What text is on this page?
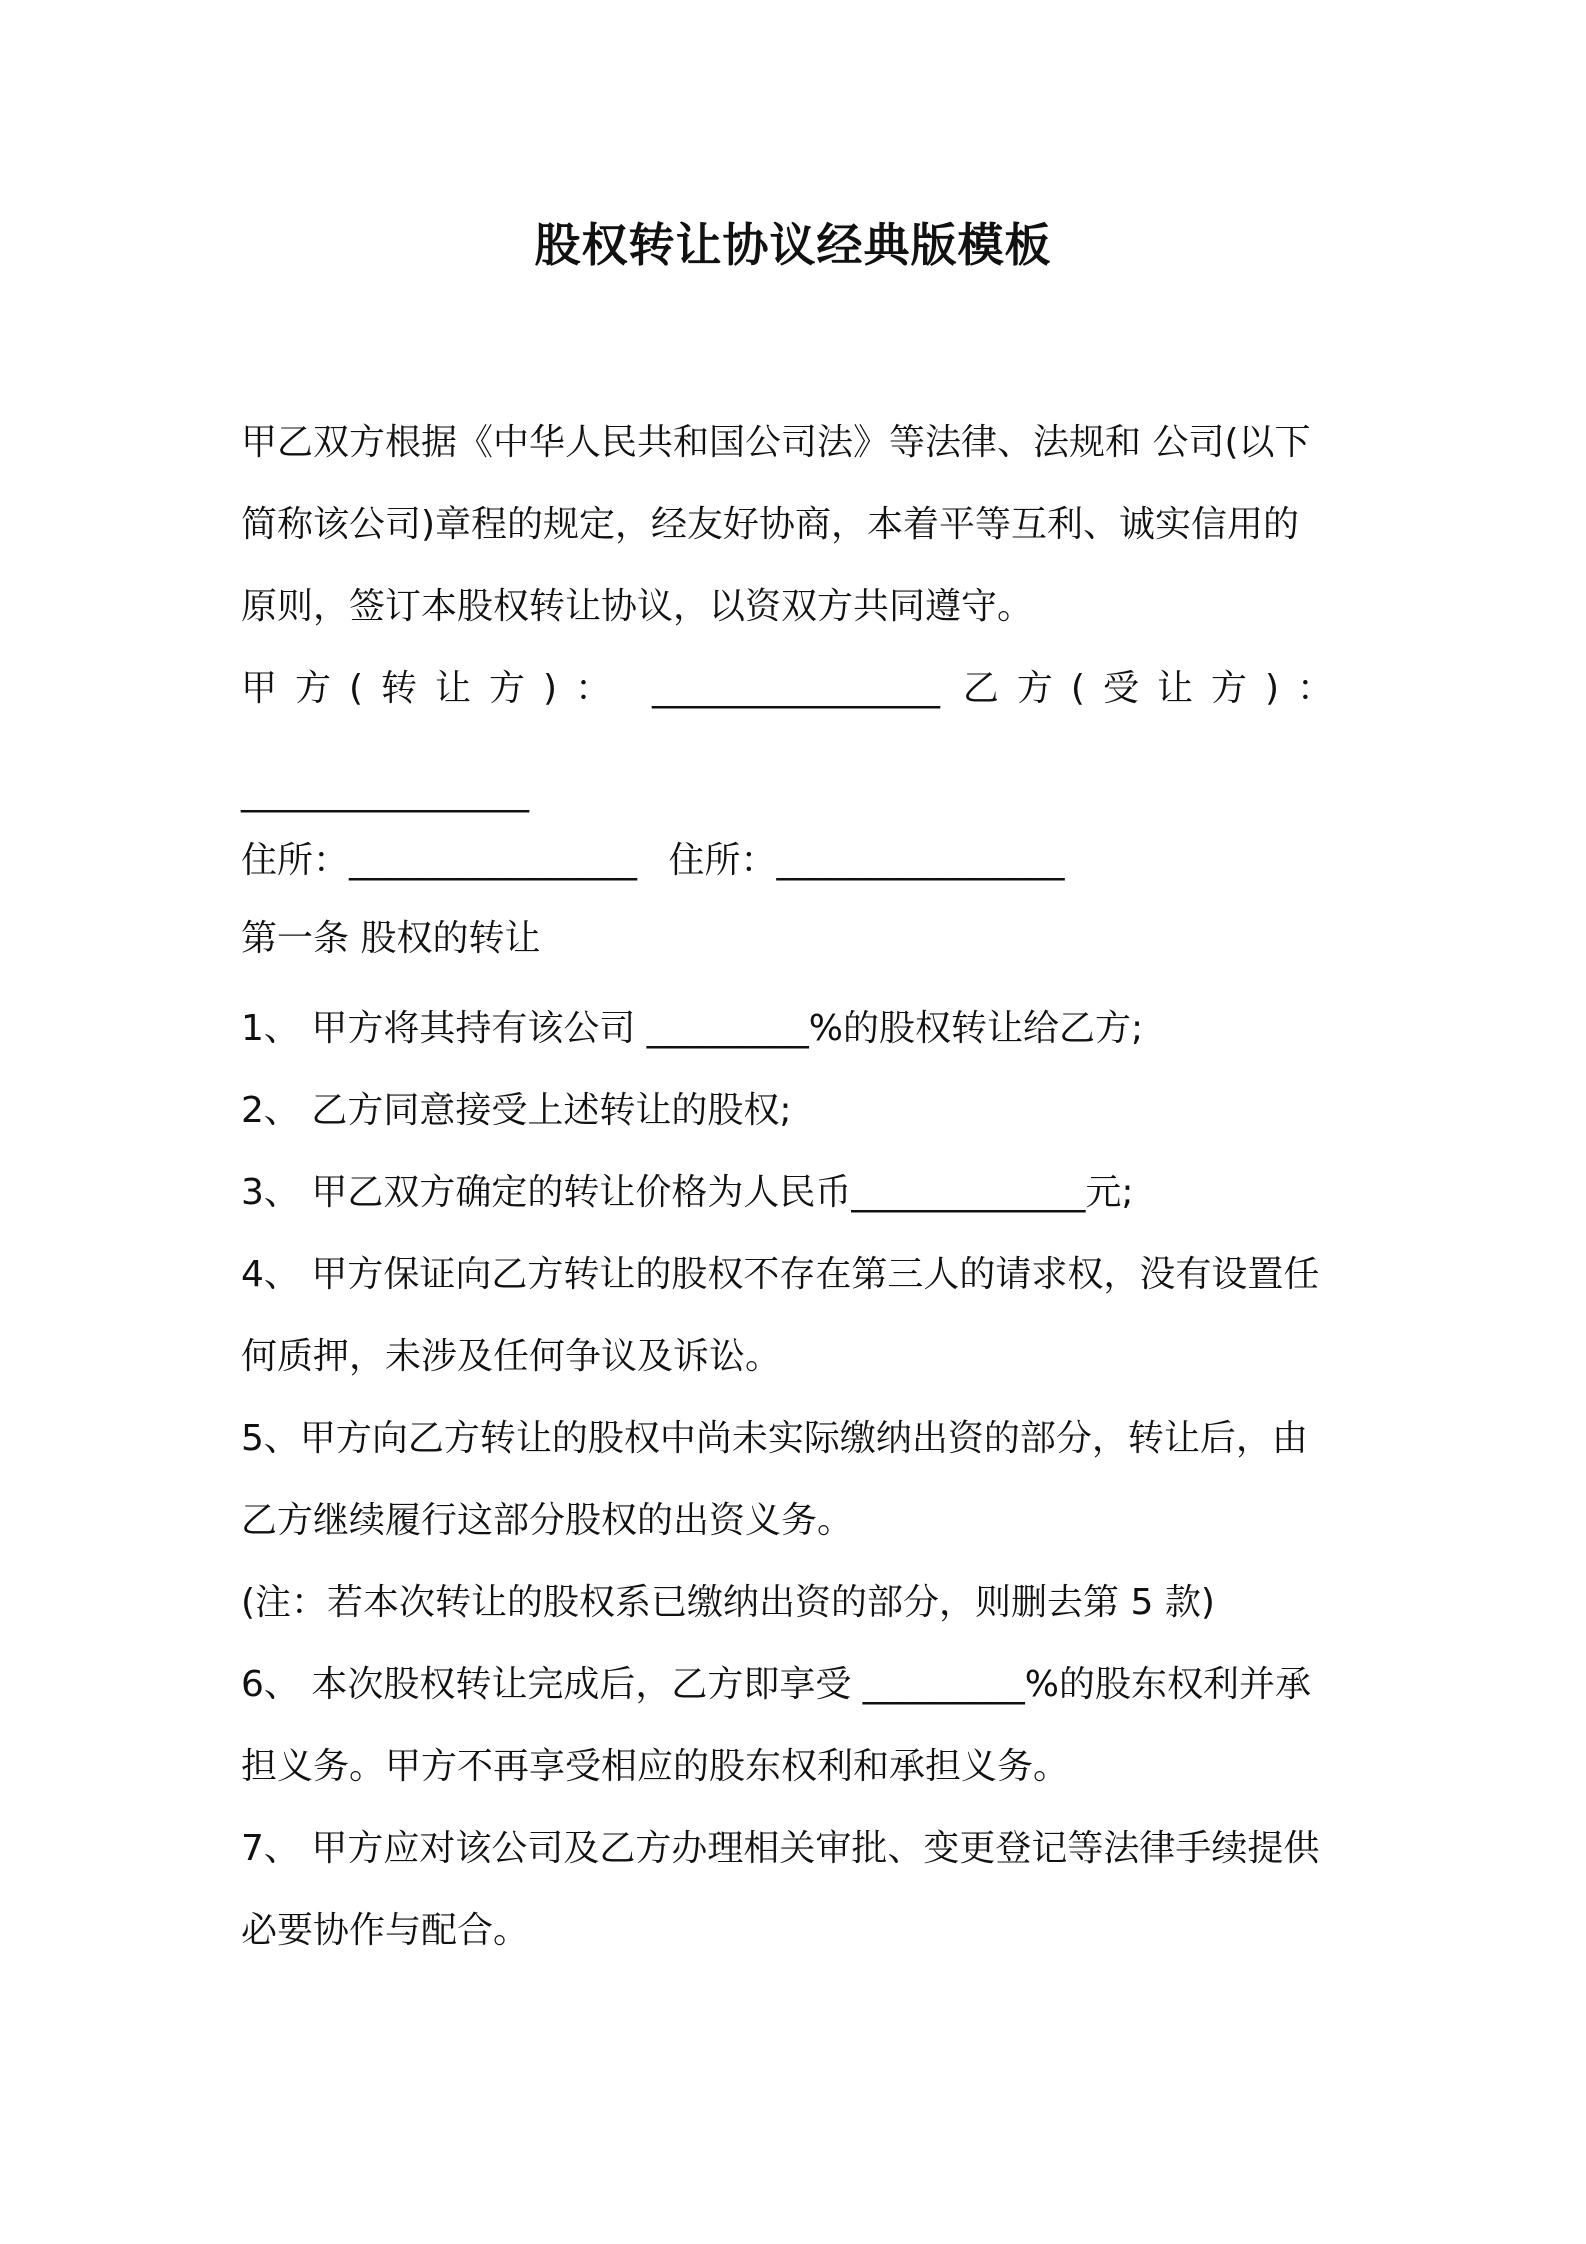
股权转让协议经典版模板

甲乙双方根据《中华人民共和国公司法》等法律、法规和 公司(以下

简称该公司)章程的规定，经友好协商，本着平等互利、诚实信用的

原则，签订本股权转让协议，以资双方共同遵守。

甲方(转让方)： ________________ 乙方(受让方)：

________________

住所：________________ 住所：________________

第一条 股权的转让

1、 甲方将其持有该公司 _________%的股权转让给乙方;

2、 乙方同意接受上述转让的股权;

3、 甲乙双方确定的转让价格为人民币_____________元;

4、 甲方保证向乙方转让的股权不存在第三人的请求权，没有设置任

何质押，未涉及任何争议及诉讼。

5、甲方向乙方转让的股权中尚未实际缴纳出资的部分，转让后，由

乙方继续履行这部分股权的出资义务。

(注：若本次转让的股权系已缴纳出资的部分，则删去第 5 款)

6、 本次股权转让完成后，乙方即享受 _________%的股东权利并承

担义务。甲方不再享受相应的股东权利和承担义务。

7、 甲方应对该公司及乙方办理相关审批、变更登记等法律手续提供

必要协作与配合。
